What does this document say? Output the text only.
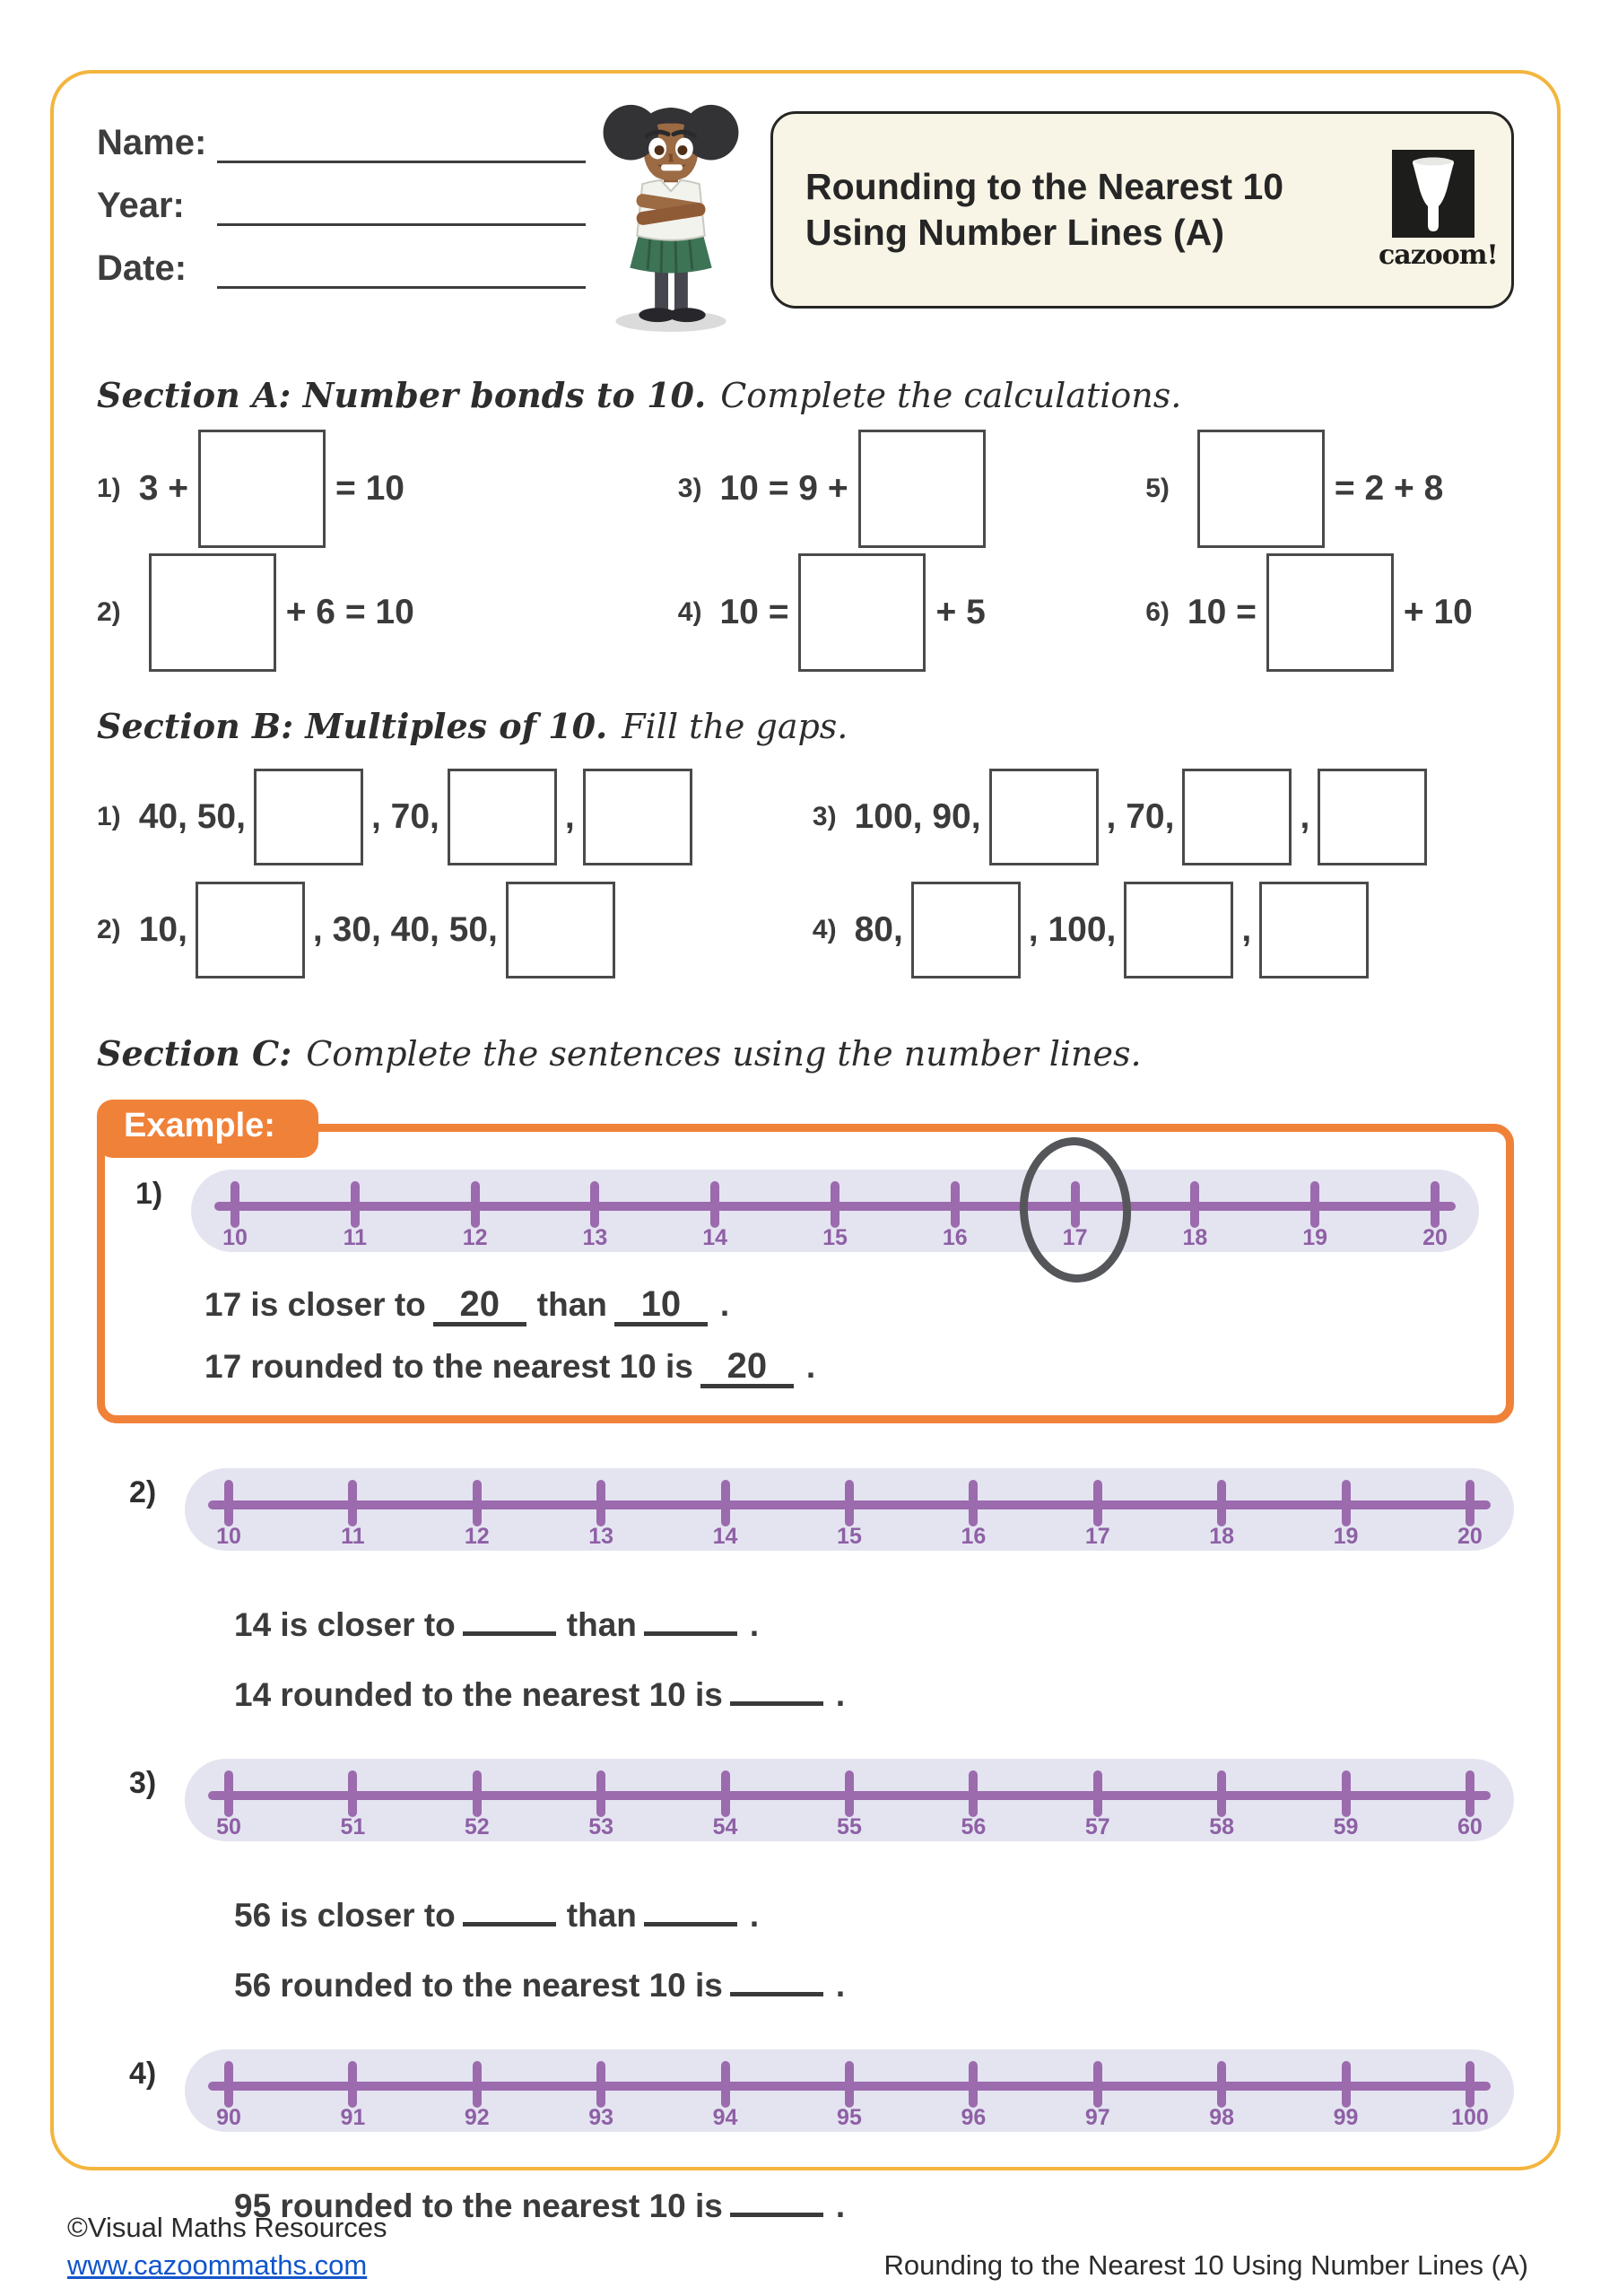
Name:
Year:
Date:
Rounding to the Nearest 10
Using Number Lines (A)
cazoom!
Section A: Number bonds to 10. Complete the calculations.
1) 3 +	= 10	3) 10 = 9 +	5)	= 2 + 8
2)	+ 6 = 10	4) 10 =	+ 5	6) 10 =	+ 10
Section B: Multiples of 10. Fill the gaps.
1) 40, 50,	, 70,	,	3) 100, 90,	, 70,	,
2) 10,	, 30, 40, 50,	4) 80,	, 100,	,
Section C: Complete the sentences using the number lines.
Example:
1)
10	11	12	13	14	15	16	17	18	19	20

17 is closer to 20 than 10 .

17 rounded to the nearest 10 is 20 .

2)
10	11	12	13	14	15	16	17	18	19	20

14 is closer to	than	.

14 rounded to the nearest 10 is	.

3)
50	51	52	53	54	55	56	57	58	59	60

56 is closer to	than	.

56 rounded to the nearest 10 is	.

4)
90	91	92	93	94	95	96	97	98	99	100

95 rounded to the nearest 10 is	.

©Visual Maths Resources
www.cazoommaths.com	Rounding to the Nearest 10 Using Number Lines (A)
